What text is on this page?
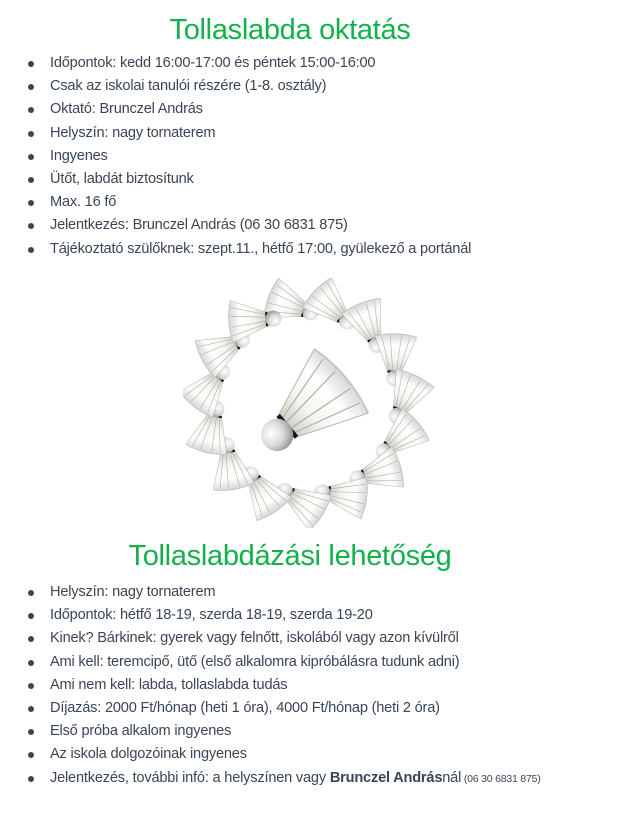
Tollaslabda oktatás
Időpontok: kedd 16:00-17:00 és péntek 15:00-16:00
Csak az iskolai tanulói részére (1-8. osztály)
Oktató: Brunczel András
Helyszín: nagy tornaterem
Ingyenes
Ütőt, labdát biztosítunk
Max. 16 fő
Jelentkezés: Brunczel András (06 30 6831 875)
Tájékoztató szülőknek: szept.11., hétfő 17:00, gyülekező a portánál
Tollaslabdázási lehetőség
Helyszín: nagy tornaterem
Időpontok: hétfő 18-19, szerda 18-19, szerda 19-20
Kinek? Bárkinek: gyerek vagy felnőtt, iskolából vagy azon kívülről
Ami kell: teremcipő, ütő (első alkalomra kipróbálásra tudunk adni)
Ami nem kell: labda, tollaslabda tudás
Díjazás: 2000 Ft/hónap (heti 1 óra), 4000 Ft/hónap (heti 2 óra)
Első próba alkalom ingyenes
Az iskola dolgozóinak ingyenes
Jelentkezés, további infó: a helyszínen vagy Brunczel Andrásnál (06 30 6831 875)
